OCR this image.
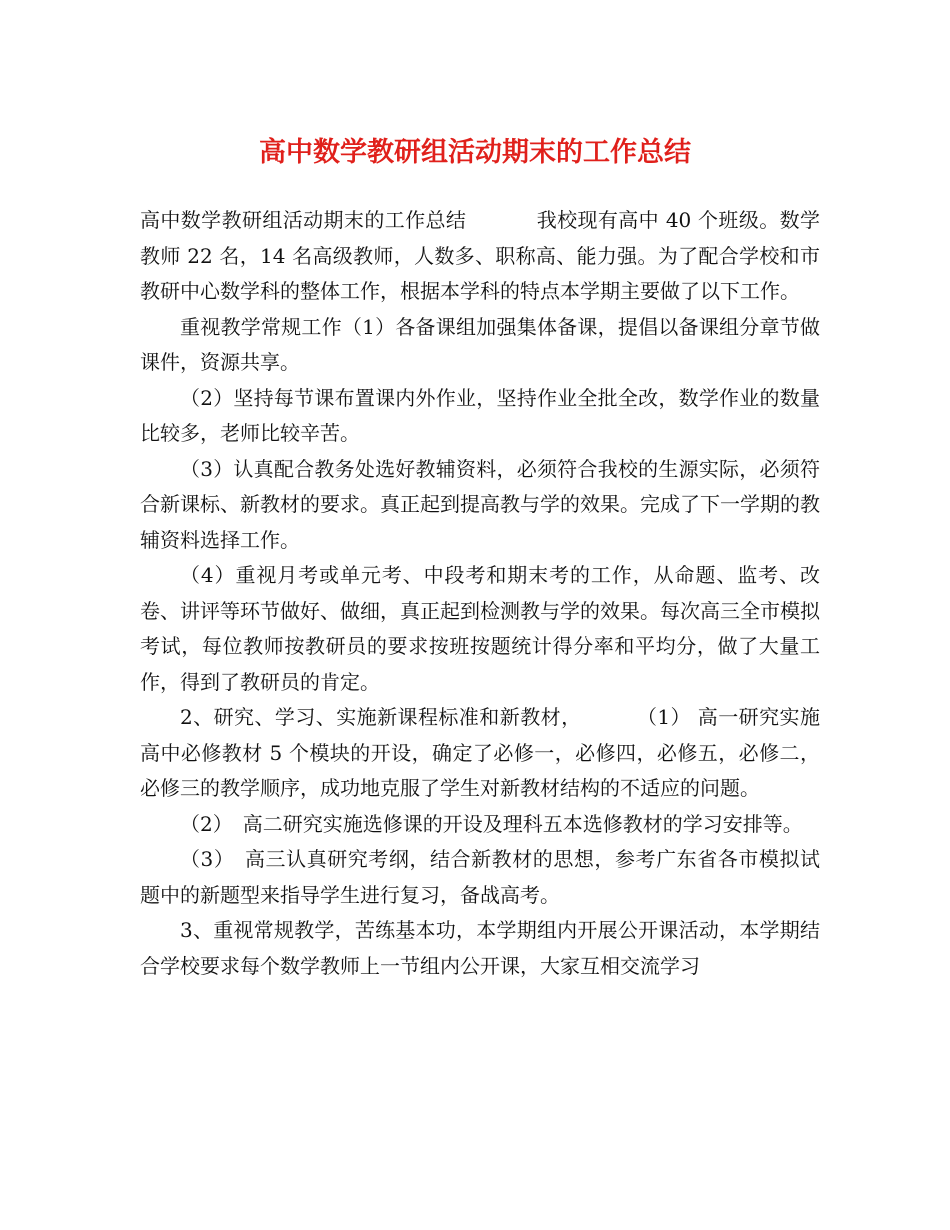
高中数学教研组活动期末的工作总结

高中数学教研组活动期末的工作总结	我校现有高中 40 个班级。数学教师 22 名，14 名高级教师，人数多、职称高、能力强。为了配合学校和市教研中心数学科的整体工作，根据本学科的特点本学期主要做了以下工作。

重视教学常规工作（1）各备课组加强集体备课，提倡以备课组分章节做课件，资源共享。

（2）坚持每节课布置课内外作业，坚持作业全批全改，数学作业的数量比较多，老师比较辛苦。

（3）认真配合教务处选好教辅资料，必须符合我校的生源实际，必须符合新课标、新教材的要求。真正起到提高教与学的效果。完成了下一学期的教辅资料选择工作。

（4）重视月考或单元考、中段考和期末考的工作，从命题、监考、改卷、讲评等环节做好、做细，真正起到检测教与学的效果。每次高三全市模拟考试，每位教师按教研员的要求按班按题统计得分率和平均分，做了大量工作，得到了教研员的肯定。

2、研究、学习、实施新课程标准和新教材，	（1） 高一研究实施高中必修教材 5 个模块的开设，确定了必修一，必修四，必修五，必修二，必修三的教学顺序，成功地克服了学生对新教材结构的不适应的问题。

（2） 高二研究实施选修课的开设及理科五本选修教材的学习安排等。

（3） 高三认真研究考纲，结合新教材的思想，参考广东省各市模拟试题中的新题型来指导学生进行复习，备战高考。

3、重视常规教学，苦练基本功，本学期组内开展公开课活动，本学期结合学校要求每个数学教师上一节组内公开课，大家互相交流学习
